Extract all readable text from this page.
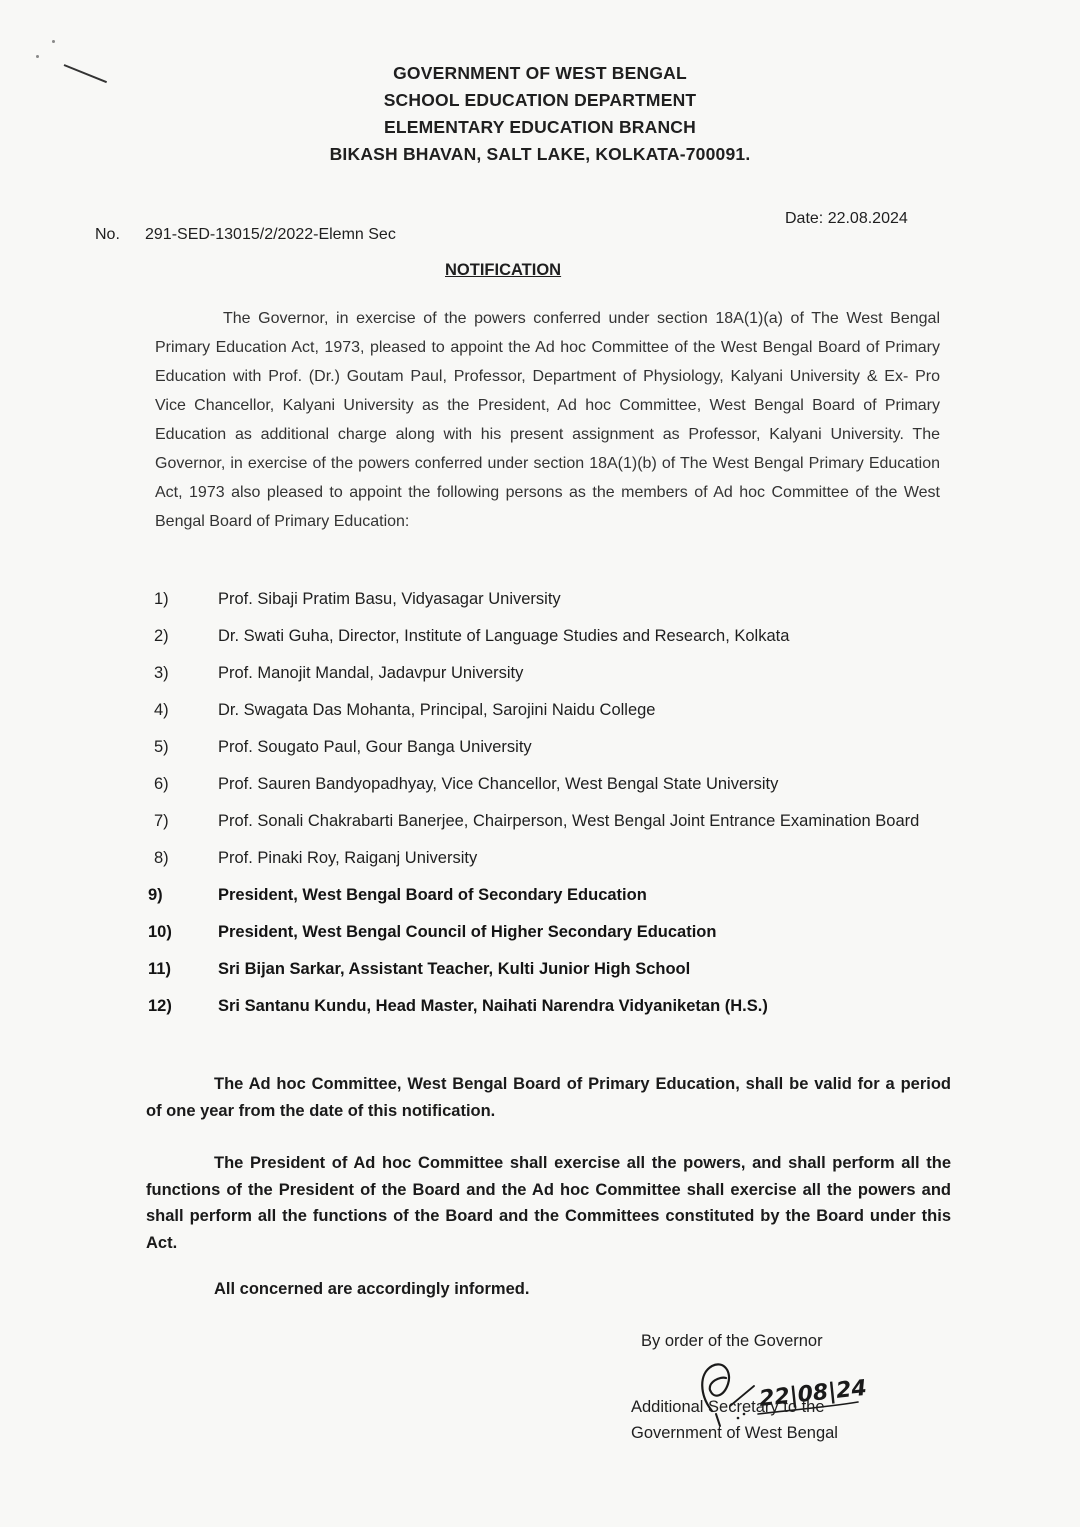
GOVERNMENT OF WEST BENGAL
SCHOOL EDUCATION DEPARTMENT
ELEMENTARY EDUCATION BRANCH
BIKASH BHAVAN, SALT LAKE, KOLKATA-700091.
No. 291-SED-13015/2/2022-Elemn Sec
Date: 22.08.2024
NOTIFICATION
The Governor, in exercise of the powers conferred under section 18A(1)(a) of The West Bengal Primary Education Act, 1973, pleased to appoint the Ad hoc Committee of the West Bengal Board of Primary Education with Prof. (Dr.) Goutam Paul, Professor, Department of Physiology, Kalyani University & Ex- Pro Vice Chancellor, Kalyani University as the President, Ad hoc Committee, West Bengal Board of Primary Education as additional charge along with his present assignment as Professor, Kalyani University. The Governor, in exercise of the powers conferred under section 18A(1)(b) of The West Bengal Primary Education Act, 1973 also pleased to appoint the following persons as the members of Ad hoc Committee of the West Bengal Board of Primary Education:
1)	Prof. Sibaji Pratim Basu, Vidyasagar University
2)	Dr. Swati Guha, Director, Institute of Language Studies and Research, Kolkata
3)	Prof. Manojit Mandal, Jadavpur University
4)	Dr. Swagata Das Mohanta, Principal, Sarojini Naidu College
5)	Prof. Sougato Paul, Gour Banga University
6)	Prof. Sauren Bandyopadhyay, Vice Chancellor, West Bengal State University
7)	Prof. Sonali Chakrabarti Banerjee, Chairperson, West Bengal Joint Entrance Examination Board
8)	Prof. Pinaki Roy, Raiganj University
9)	President, West Bengal Board of Secondary Education
10)	President, West Bengal Council of Higher Secondary Education
11)	Sri Bijan Sarkar, Assistant Teacher, Kulti Junior High School
12)	Sri Santanu Kundu, Head Master, Naihati Narendra Vidyaniketan (H.S.)
The Ad hoc Committee, West Bengal Board of Primary Education, shall be valid for a period of one year from the date of this notification.
The President of Ad hoc Committee shall exercise all the powers, and shall perform all the functions of the President of the Board and the Ad hoc Committee shall exercise all the powers and shall perform all the functions of the Board and the Committees constituted by the Board under this Act.
All concerned are accordingly informed.
By order of the Governor
22|08|24
Additional Secretary to the
Government of West Bengal
